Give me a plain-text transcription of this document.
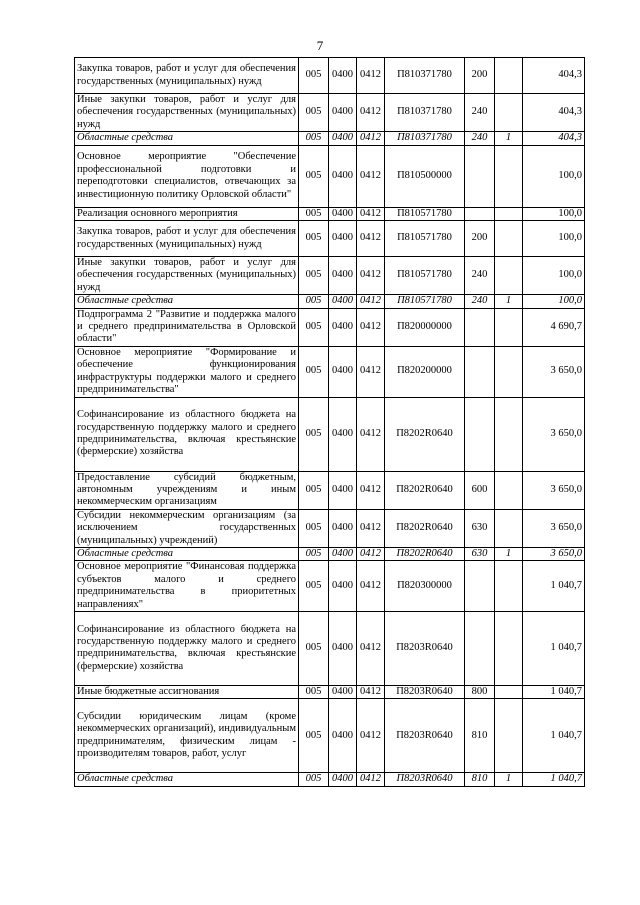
7
Закупка товаров, работ и услуг для обеспечения государственных (муниципальных) нужд	005	0400	0412	П810371780	200		404,3
Иные закупки товаров, работ и услуг для обеспечения государственных (муниципальных) нужд	005	0400	0412	П810371780	240		404,3
Областные средства	005	0400	0412	П810371780	240	1	404,3
Основное мероприятие "Обеспечение профессиональной подготовки и переподготовки специалистов, отвечающих за инвестиционную политику Орловской области"	005	0400	0412	П810500000			100,0
Реализация основного мероприятия	005	0400	0412	П810571780			100,0
Закупка товаров, работ и услуг для обеспечения государственных (муниципальных) нужд	005	0400	0412	П810571780	200		100,0
Иные закупки товаров, работ и услуг для обеспечения государственных (муниципальных) нужд	005	0400	0412	П810571780	240		100,0
Областные средства	005	0400	0412	П810571780	240	1	100,0
Подпрограмма 2 "Развитие и поддержка малого и среднего предпринимательства в Орловской области"	005	0400	0412	П820000000			4 690,7
Основное мероприятие "Формирование и обеспечение функционирования инфраструктуры поддержки малого и среднего предпринимательства"	005	0400	0412	П820200000			3 650,0
Софинансирование из областного бюджета на государственную поддержку малого и среднего предпринимательства, включая крестьянские (фермерские) хозяйства	005	0400	0412	П8202R0640			3 650,0
Предоставление субсидий бюджетным, автономным учреждениям и иным некоммерческим организациям	005	0400	0412	П8202R0640	600		3 650,0
Субсидии некоммерческим организациям (за исключением государственных (муниципальных) учреждений)	005	0400	0412	П8202R0640	630		3 650,0
Областные средства	005	0400	0412	П8202R0640	630	1	3 650,0
Основное мероприятие "Финансовая поддержка субъектов малого и среднего предпринимательства в приоритетных направлениях"	005	0400	0412	П820300000			1 040,7
Софинансирование из областного бюджета на государственную поддержку малого и среднего предпринимательства, включая крестьянские (фермерские) хозяйства	005	0400	0412	П8203R0640			1 040,7
Иные бюджетные ассигнования	005	0400	0412	П8203R0640	800		1 040,7
Субсидии юридическим лицам (кроме некоммерческих организаций), индивидуальным предпринимателям, физическим лицам - производителям товаров, работ, услуг	005	0400	0412	П8203R0640	810		1 040,7
Областные средства	005	0400	0412	П8203R0640	810	1	1 040,7
